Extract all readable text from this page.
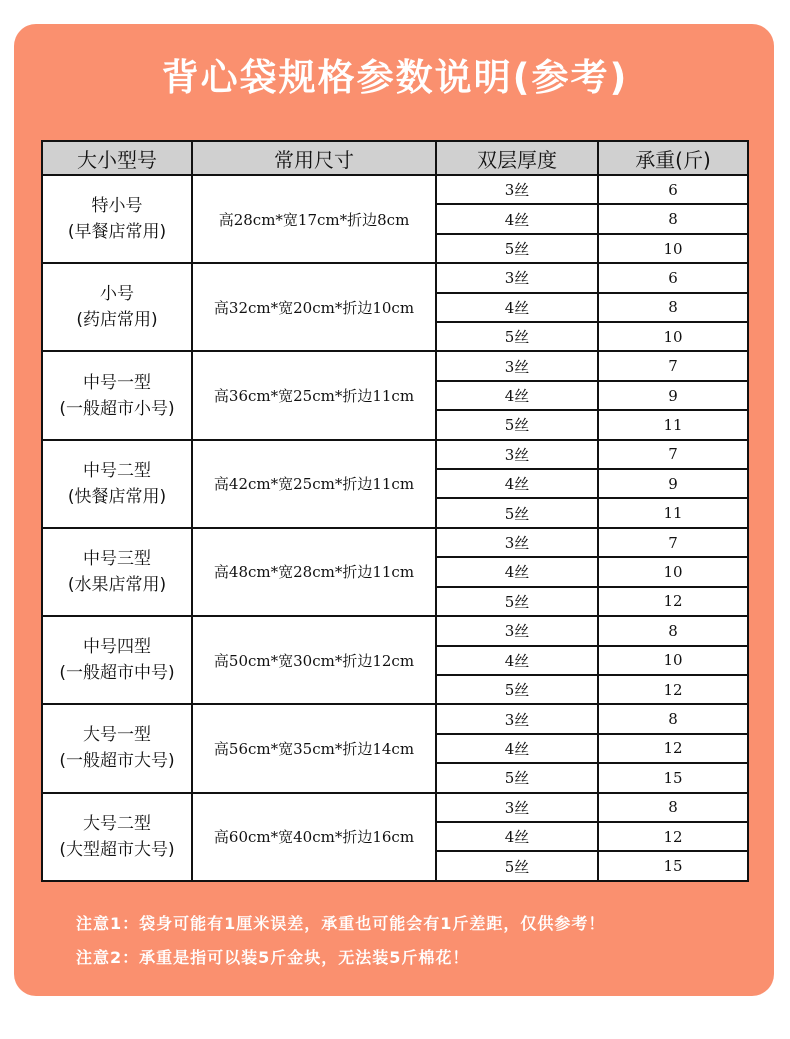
背心袋规格参数说明(参考)
大小型号	常用尺寸	双层厚度	承重(斤)

特小号
(早餐店常用)	高28cm*宽17cm*折边8cm	3丝	6
		4丝	8
		5丝	10

小号
(药店常用)	高32cm*宽20cm*折边10cm	3丝	6
		4丝	8
		5丝	10

中号一型
(一般超市小号)	高36cm*宽25cm*折边11cm	3丝	7
		4丝	9
		5丝	11

中号二型
(快餐店常用)	高42cm*宽25cm*折边11cm	3丝	7
		4丝	9
		5丝	11

中号三型
(水果店常用)	高48cm*宽28cm*折边11cm	3丝	7
		4丝	10
		5丝	12

中号四型
(一般超市中号)	高50cm*宽30cm*折边12cm	3丝	8
		4丝	10
		5丝	12

大号一型
(一般超市大号)	高56cm*宽35cm*折边14cm	3丝	8
		4丝	12
		5丝	15

大号二型
(大型超市大号)	高60cm*宽40cm*折边16cm	3丝	8
		4丝	12
		5丝	15
注意1：袋身可能有1厘米误差，承重也可能会有1斤差距，仅供参考！
注意2：承重是指可以装5斤金块，无法装5斤棉花！
